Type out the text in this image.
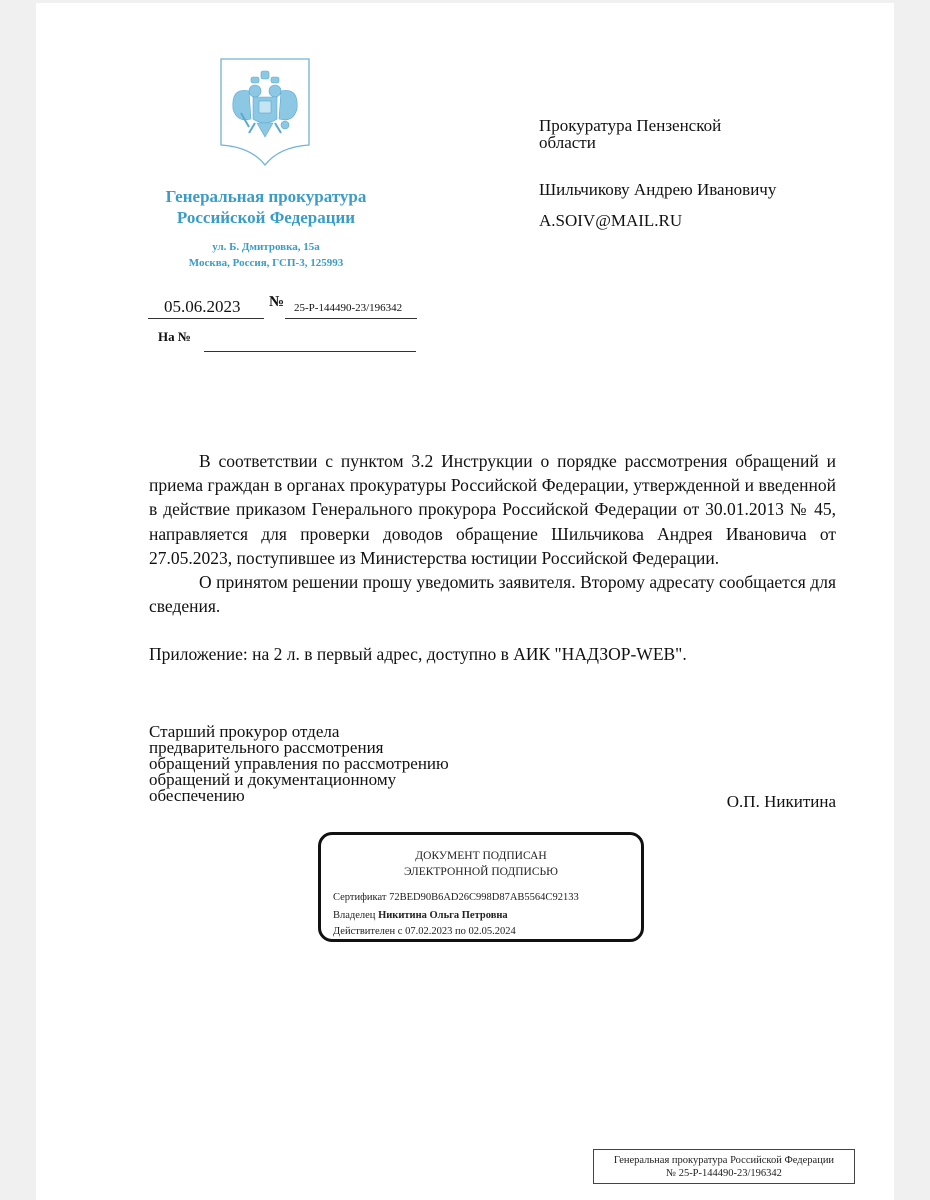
Генеральная прокуратура
Российской Федерации
ул. Б. Дмитровка, 15а
Москва, Россия, ГСП-3, 125993
05.06.2023 № 25-Р-144490-23/196342
На №
Прокуратура Пензенской
области
Шильчикову Андрею Ивановичу
A.SOIV@MAIL.RU

В соответствии с пунктом 3.2 Инструкции о порядке рассмотрения обращений и приема граждан в органах прокуратуры Российской Федерации, утвержденной и введенной в действие приказом Генерального прокурора Российской Федерации от 30.01.2013 № 45, направляется для проверки доводов обращение Шильчикова Андрея Ивановича от 27.05.2023, поступившее из Министерства юстиции Российской Федерации.

О принятом решении прошу уведомить заявителя. Второму адресату сообщается для сведения.

Приложение: на 2 л. в первый адрес, доступно в АИК "НАДЗОР-WEB".

Старший прокурор отдела
предварительного рассмотрения
обращений управления по рассмотрению
обращений и документационному
обеспечению	О.П. Никитина
ДОКУМЕНТ ПОДПИСАН
ЭЛЕКТРОННОЙ ПОДПИСЬЮ
Сертификат 72BED90B6AD26C998D87AB5564C92133
Владелец Никитина Ольга Петровна
Действителен с 07.02.2023 по 02.05.2024
Генеральная прокуратура Российской Федерации
№ 25-Р-144490-23/196342
